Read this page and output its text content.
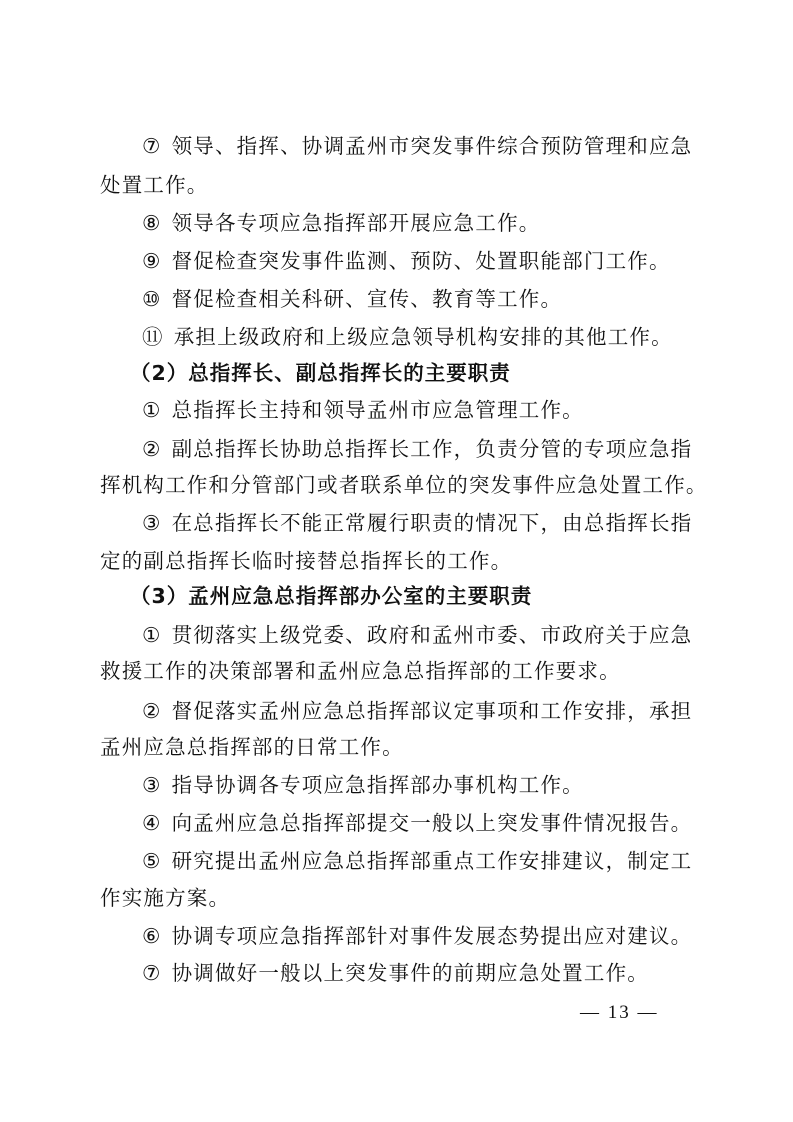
⑦ 领导、指挥、协调孟州市突发事件综合预防管理和应急
处置工作。
⑧ 领导各专项应急指挥部开展应急工作。
⑨ 督促检查突发事件监测、预防、处置职能部门工作。
⑩ 督促检查相关科研、宣传、教育等工作。
⑪ 承担上级政府和上级应急领导机构安排的其他工作。
（2）总指挥长、副总指挥长的主要职责
① 总指挥长主持和领导孟州市应急管理工作。
② 副总指挥长协助总指挥长工作，负责分管的专项应急指
挥机构工作和分管部门或者联系单位的突发事件应急处置工作。
③ 在总指挥长不能正常履行职责的情况下，由总指挥长指
定的副总指挥长临时接替总指挥长的工作。
（3）孟州应急总指挥部办公室的主要职责
① 贯彻落实上级党委、政府和孟州市委、市政府关于应急
救援工作的决策部署和孟州应急总指挥部的工作要求。
② 督促落实孟州应急总指挥部议定事项和工作安排，承担
孟州应急总指挥部的日常工作。
③ 指导协调各专项应急指挥部办事机构工作。
④ 向孟州应急总指挥部提交一般以上突发事件情况报告。
⑤ 研究提出孟州应急总指挥部重点工作安排建议，制定工
作实施方案。
⑥ 协调专项应急指挥部针对事件发展态势提出应对建议。
⑦ 协调做好一般以上突发事件的前期应急处置工作。
— 13 —
